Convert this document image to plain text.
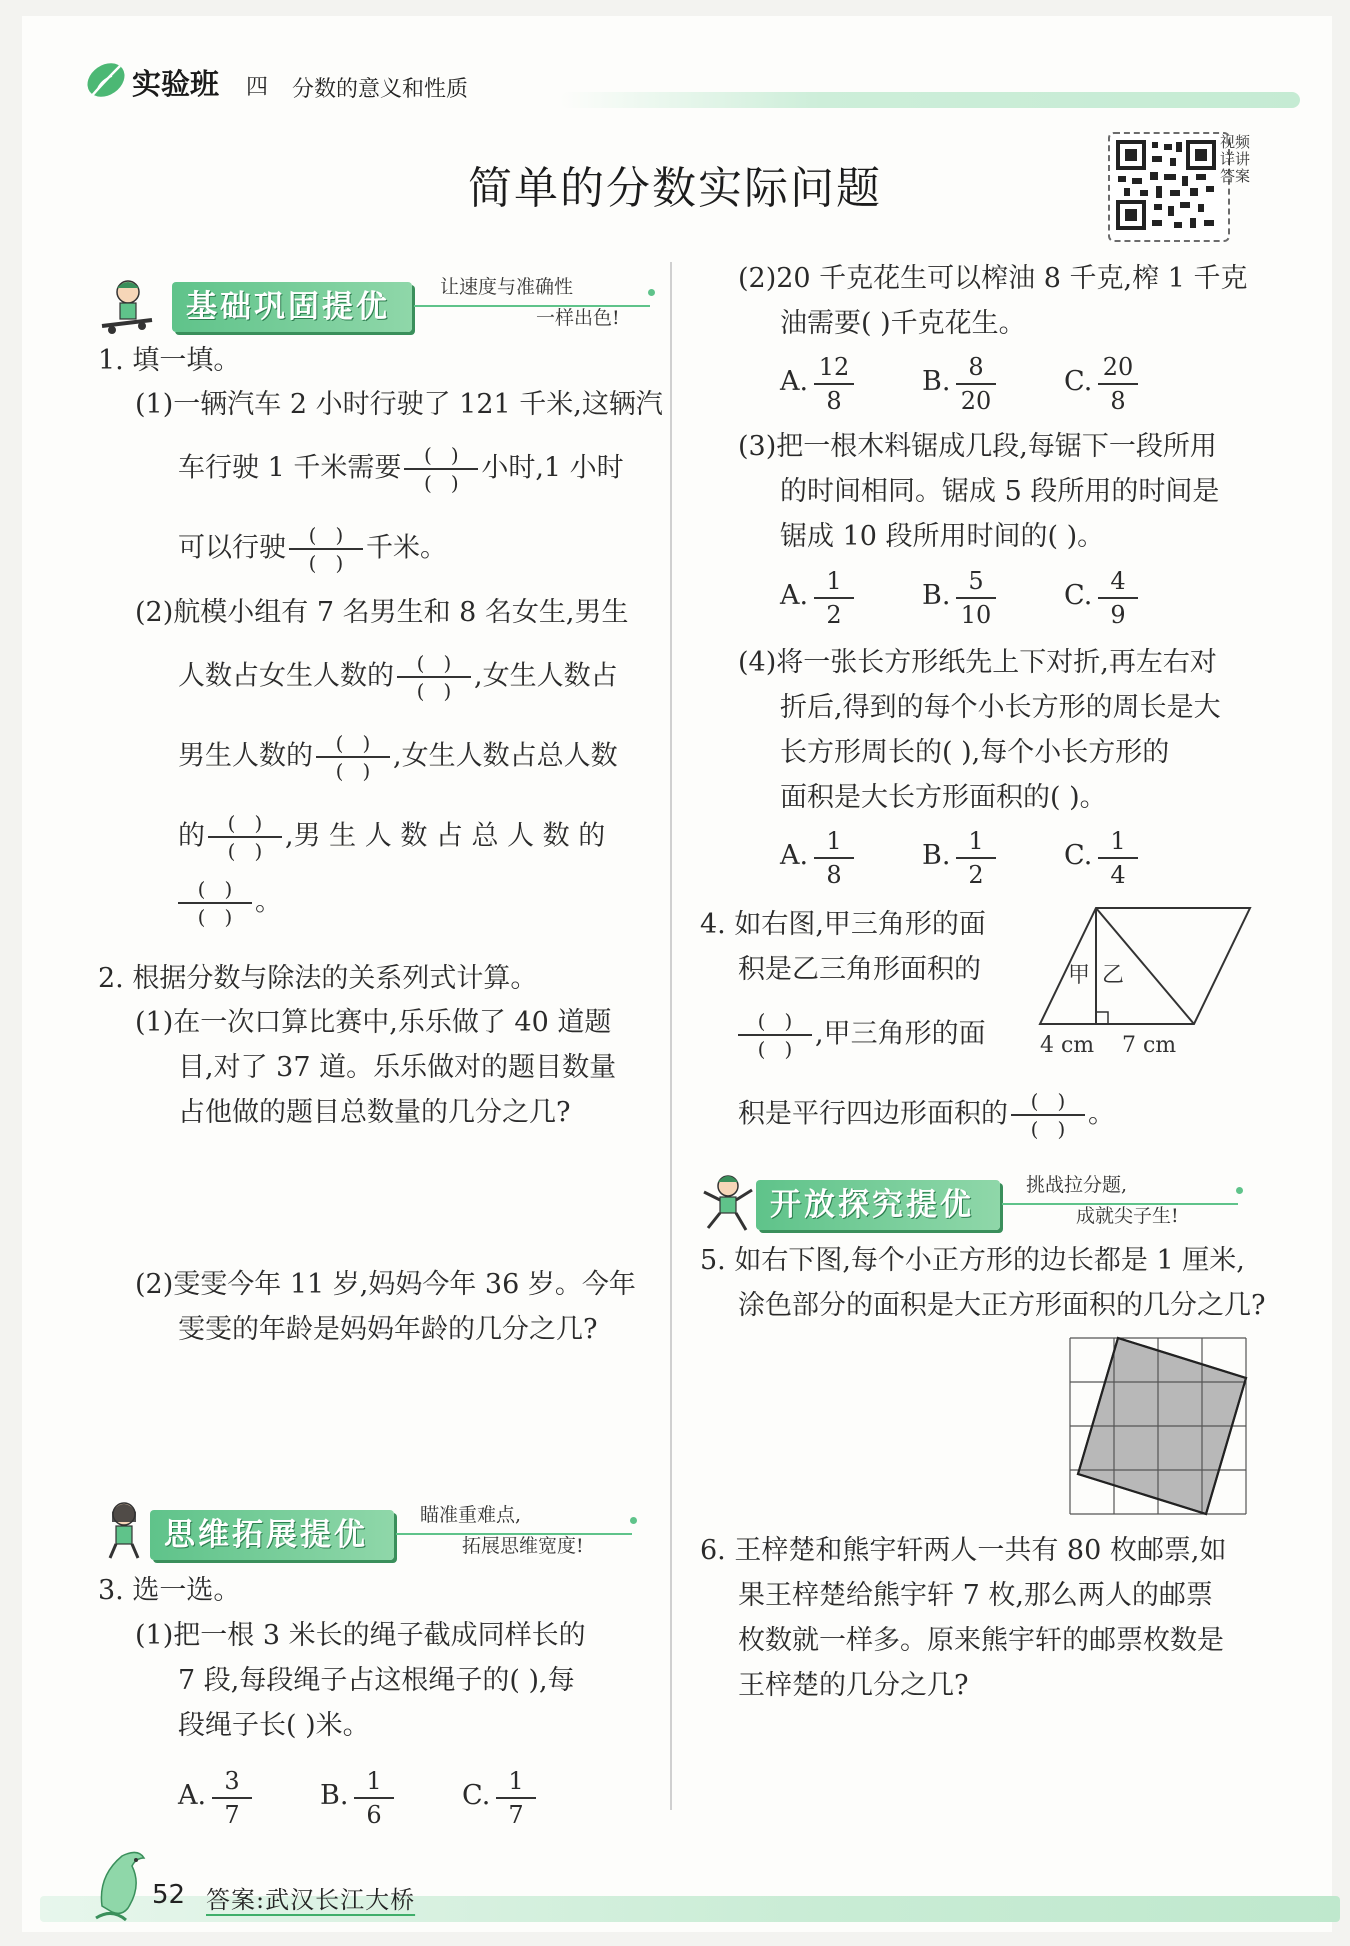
实验班 四 分数的意义和性质
简单的分数实际问题
视频详讲答案
基础巩固提优
让速度与准确性
一样出色!
1. 填一填。
(1)一辆汽车 2 小时行驶了 121 千米,这辆汽
车行驶 1 千米需要 ( )
( ) 小时,1 小时
可以行驶 ( )
( ) 千米。
(2)航模小组有 7 名男生和 8 名女生,男生
人数占女生人数的 ( )
( ) ,女生人数占
男生人数的 ( )
( ) ,女生人数占总人数
的 ( )
( ) ,男 生 人 数 占 总 人 数 的
( )
( ) 。
2. 根据分数与除法的关系列式计算。
(1)在一次口算比赛中,乐乐做了 40 道题
目,对了 37 道。乐乐做对的题目数量
占他做的题目总数量的几分之几?
(2)雯雯今年 11 岁,妈妈今年 36 岁。今年
雯雯的年龄是妈妈年龄的几分之几?
思维拓展提优
瞄准重难点,
拓展思维宽度!
3. 选一选。
(1)把一根 3 米长的绳子截成同样长的
7 段,每段绳子占这根绳子的( ),每
段绳子长( )米。
A. 3
7
B. 1
6
C. 1
7
(2)20 千克花生可以榨油 8 千克,榨 1 千克
油需要( )千克花生。
A. 12
8
B. 8
20
C. 20
8
(3)把一根木料锯成几段,每锯下一段所用
的时间相同。锯成 5 段所用的时间是
锯成 10 段所用时间的( )。
A. 1
2
B. 5
10
C. 4
9
(4)将一张长方形纸先上下对折,再左右对
折后,得到的每个小长方形的周长是大
长方形周长的( ),每个小长方形的
面积是大长方形面积的( )。
A. 1
8
B. 1
2
C. 1
4
4. 如右图,甲三角形的面
积是乙三角形面积的
( )
( ) ,甲三角形的面
积是平行四边形面积的 ( )
( ) 。
甲 乙
4 cm 7 cm
开放探究提优
挑战拉分题,
成就尖子生!
5. 如右下图,每个小正方形的边长都是 1 厘米,
涂色部分的面积是大正方形面积的几分之几?
6. 王梓楚和熊宇轩两人一共有 80 枚邮票,如
果王梓楚给熊宇轩 7 枚,那么两人的邮票
枚数就一样多。原来熊宇轩的邮票枚数是
王梓楚的几分之几?
52 答案:武汉长江大桥
